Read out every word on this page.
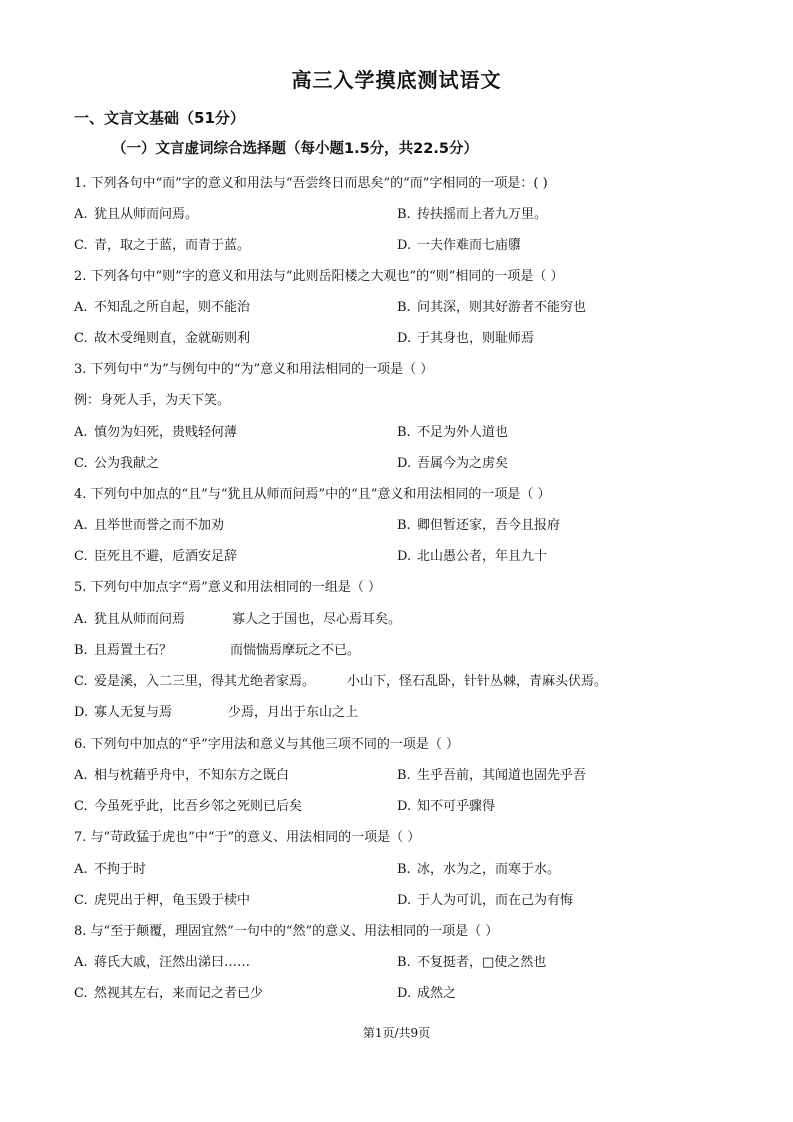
高三入学摸底测试语文
一、文言文基础（51分）
（一）文言虚词综合选择题（每小题1.5分，共22.5分）
1. 下列各句中“而”字的意义和用法与“吾尝终日而思矣”的“而”字相同的一项是：( )
A. 犹且从师而问焉。	B. 抟扶摇而上者九万里。
C. 青，取之于蓝，而青于蓝。	D. 一夫作难而七庙隳
2. 下列各句中“则”字的意义和用法与“此则岳阳楼之大观也”的“则”相同的一项是（ ）
A. 不知乱之所自起，则不能治	B. 问其深，则其好游者不能穷也
C. 故木受绳则直，金就砺则利	D. 于其身也，则耻师焉
3. 下列句中“为”与例句中的“为”意义和用法相同的一项是（ ）
例：身死人手，为天下笑。
A. 慎勿为妇死，贵贱轻何薄	B. 不足为外人道也
C. 公为我献之	D. 吾属今为之虏矣
4. 下列句中加点的“且”与“犹且从师而问焉”中的“且”意义和用法相同的一项是（ ）
A. 且举世而誉之而不加劝	B. 卿但暂还家，吾今且报府
C. 臣死且不避，卮酒安足辞	D. 北山愚公者，年且九十
5. 下列句中加点字“焉”意义和用法相同的一组是（ ）
A. 犹且从师而问焉	寡人之于国也，尽心焉耳矣。
B. 且焉置土石？	而惴惴焉摩玩之不已。
C. 爱是溪，入二三里，得其尤绝者家焉。 小山下，怪石乱卧，针针丛棘，青麻头伏焉。
D. 寡人无复与焉	少焉，月出于东山之上
6. 下列句中加点的“乎”字用法和意义与其他三项不同的一项是（ ）
A. 相与枕藉乎舟中，不知东方之既白	B. 生乎吾前，其闻道也固先乎吾
C. 今虽死乎此，比吾乡邻之死则已后矣	D. 知不可乎骤得
7. 与“苛政猛于虎也”中“于”的意义、用法相同的一项是（ ）
A. 不拘于时	B. 冰，水为之，而寒于水。
C. 虎兕出于柙，龟玉毁于椟中	D. 于人为可讥，而在己为有悔
8. 与“至于颠覆，理固宜然”一句中的“然”的意义、用法相同的一项是（ ）
A. 蒋氏大戚，汪然出涕曰……	B. 不复挺者，□使之然也
C. 然视其左右，来而记之者已少	D. 成然之
第1页/共9页
